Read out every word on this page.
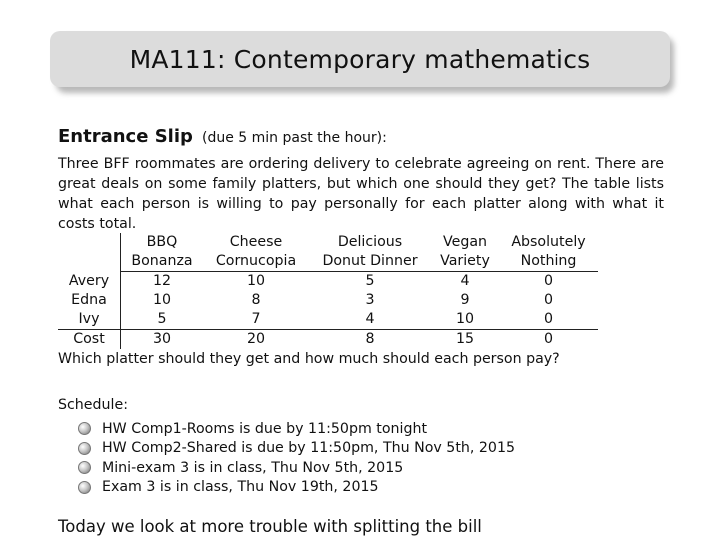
MA111: Contemporary mathematics
Entrance Slip (due 5 min past the hour):
Three BFF roommates are ordering delivery to celebrate agreeing on rent. There are great deals on some family platters, but which one should they get? The table lists what each person is willing to pay personally for each platter along with what it costs total.
	BBQ	Cheese	Delicious	Vegan	Absolutely
	Bonanza	Cornucopia	Donut Dinner	Variety	Nothing
Avery	12	10	5	4	0
Edna	10	8	3	9	0
Ivy	5	7	4	10	0
Cost	30	20	8	15	0
Which platter should they get and how much should each person pay?
Schedule:
HW Comp1-Rooms is due by 11:50pm tonight
HW Comp2-Shared is due by 11:50pm, Thu Nov 5th, 2015
Mini-exam 3 is in class, Thu Nov 5th, 2015
Exam 3 is in class, Thu Nov 19th, 2015
Today we look at more trouble with splitting the bill
